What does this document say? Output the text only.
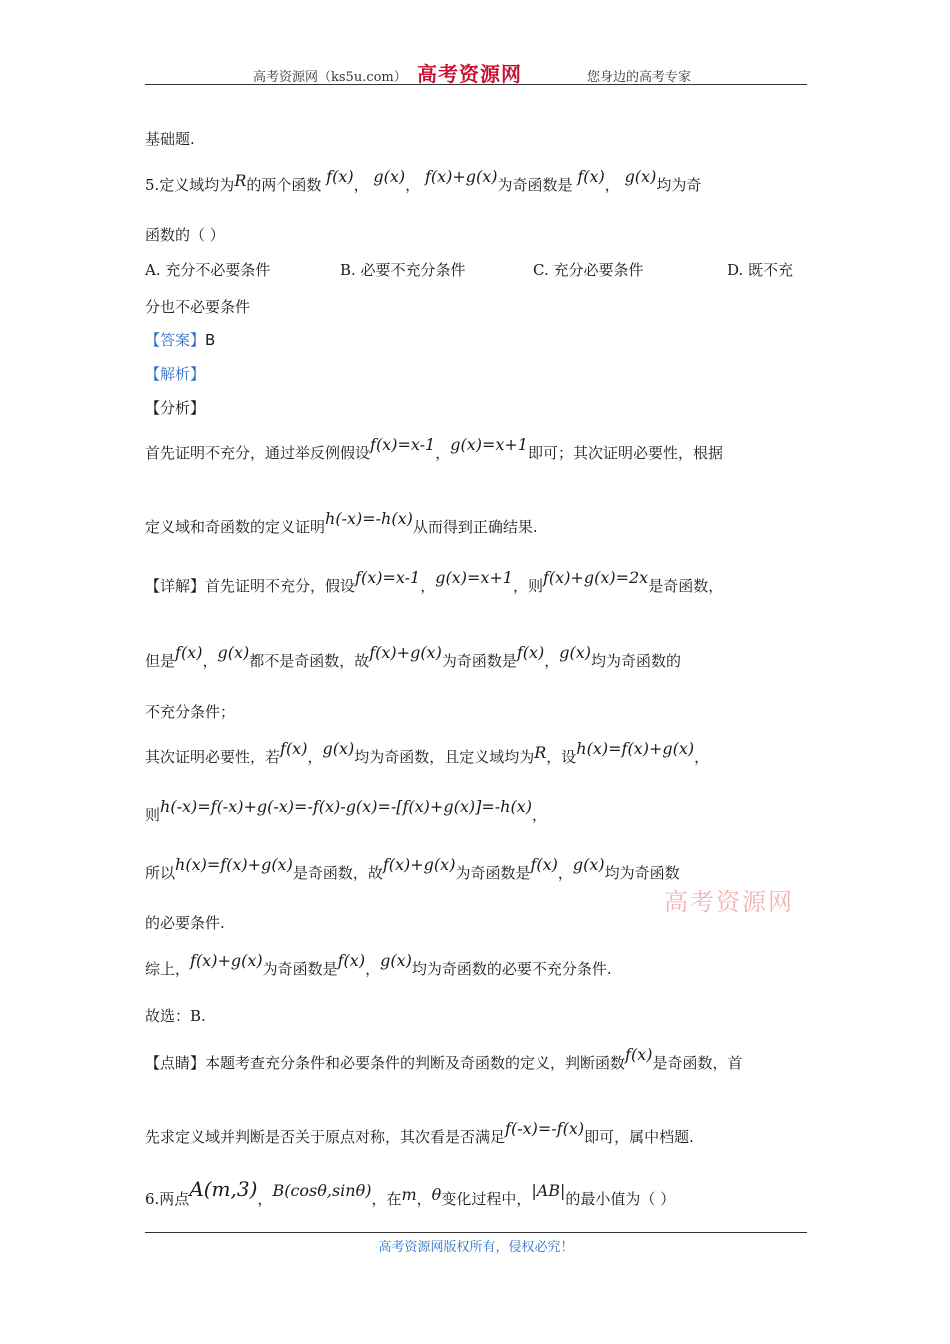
高考资源网（ks5u.com） 高考资源网	您身边的高考专家
基础题.
5.定义域均为R的两个函数 f(x)， g(x)， f(x)+g(x)为奇函数是 f(x)， g(x)均为奇
函数的（ ）
A. 充分不必要条件	B. 必要不充分条件	C. 充分必要条件	D. 既不充
分也不必要条件
【答案】B
【解析】
【分析】
首先证明不充分，通过举反例假设f(x)=x-1，g(x)=x+1即可；其次证明必要性，根据
定义域和奇函数的定义证明h(-x)=-h(x)从而得到正确结果.
【详解】首先证明不充分，假设f(x)=x-1，g(x)=x+1，则f(x)+g(x)=2x是奇函数，
但是f(x)，g(x)都不是奇函数，故f(x)+g(x)为奇函数是f(x)，g(x)均为奇函数的
不充分条件；
其次证明必要性，若f(x)，g(x)均为奇函数，且定义域均为R，设h(x)=f(x)+g(x)，
则h(-x)=f(-x)+g(-x)=-f(x)-g(x)=-[f(x)+g(x)]=-h(x)，
所以h(x)=f(x)+g(x)是奇函数，故f(x)+g(x)为奇函数是f(x)，g(x)均为奇函数
的必要条件.
综上，f(x)+g(x)为奇函数是f(x)，g(x)均为奇函数的必要不充分条件.
故选：B.
【点睛】本题考查充分条件和必要条件的判断及奇函数的定义，判断函数f(x)是奇函数，首
先求定义域并判断是否关于原点对称，其次看是否满足f(-x)=-f(x)即可，属中档题.
6.两点A(m,3)，B(cosθ,sinθ)，在m，θ变化过程中，|AB|的最小值为（ ）
高考资源网
高考资源网版权所有，侵权必究！
